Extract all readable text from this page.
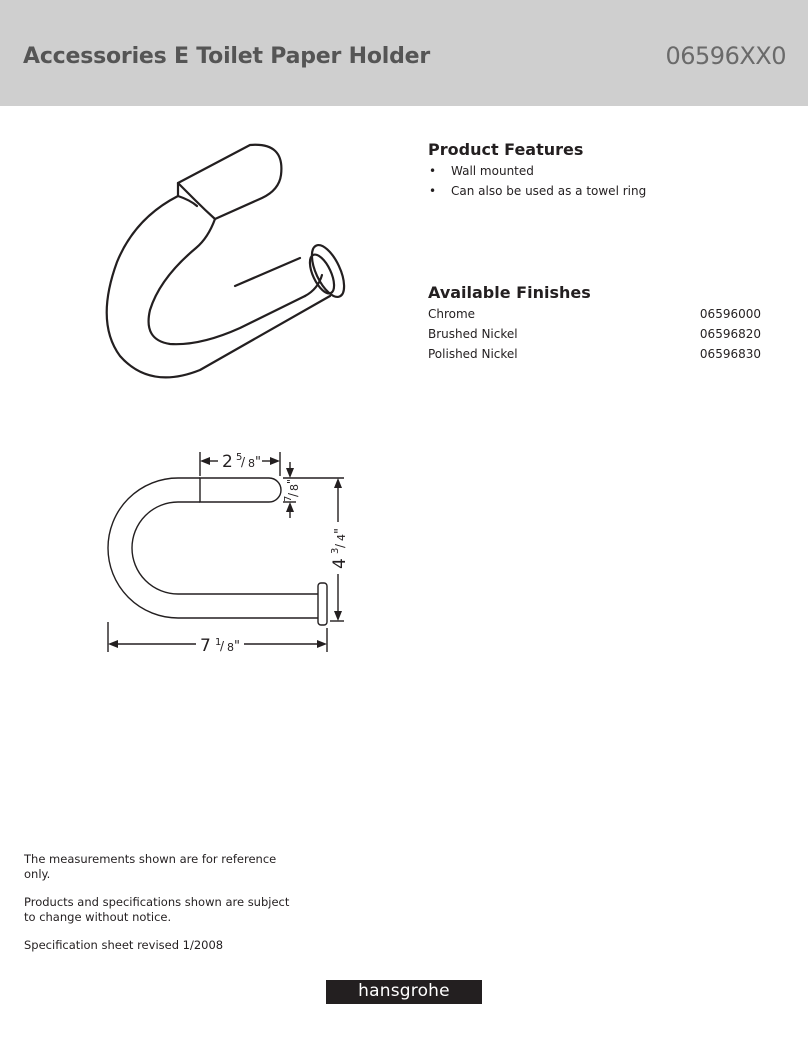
Accessories E Toilet Paper Holder	06596XX0
2 5
/ 8 "
7 1
/ 8 "
4
3
/
4
"
7
/
8
"
Product Features
• Wall mounted
• Can also be used as a towel ring
Available Finishes
Chrome	06596000
Brushed Nickel	06596820
Polished Nickel	06596830

The measurements shown are for reference only.

Products and specifications shown are subject to change without notice.

Specification sheet revised 1/2008

hansgrohe
